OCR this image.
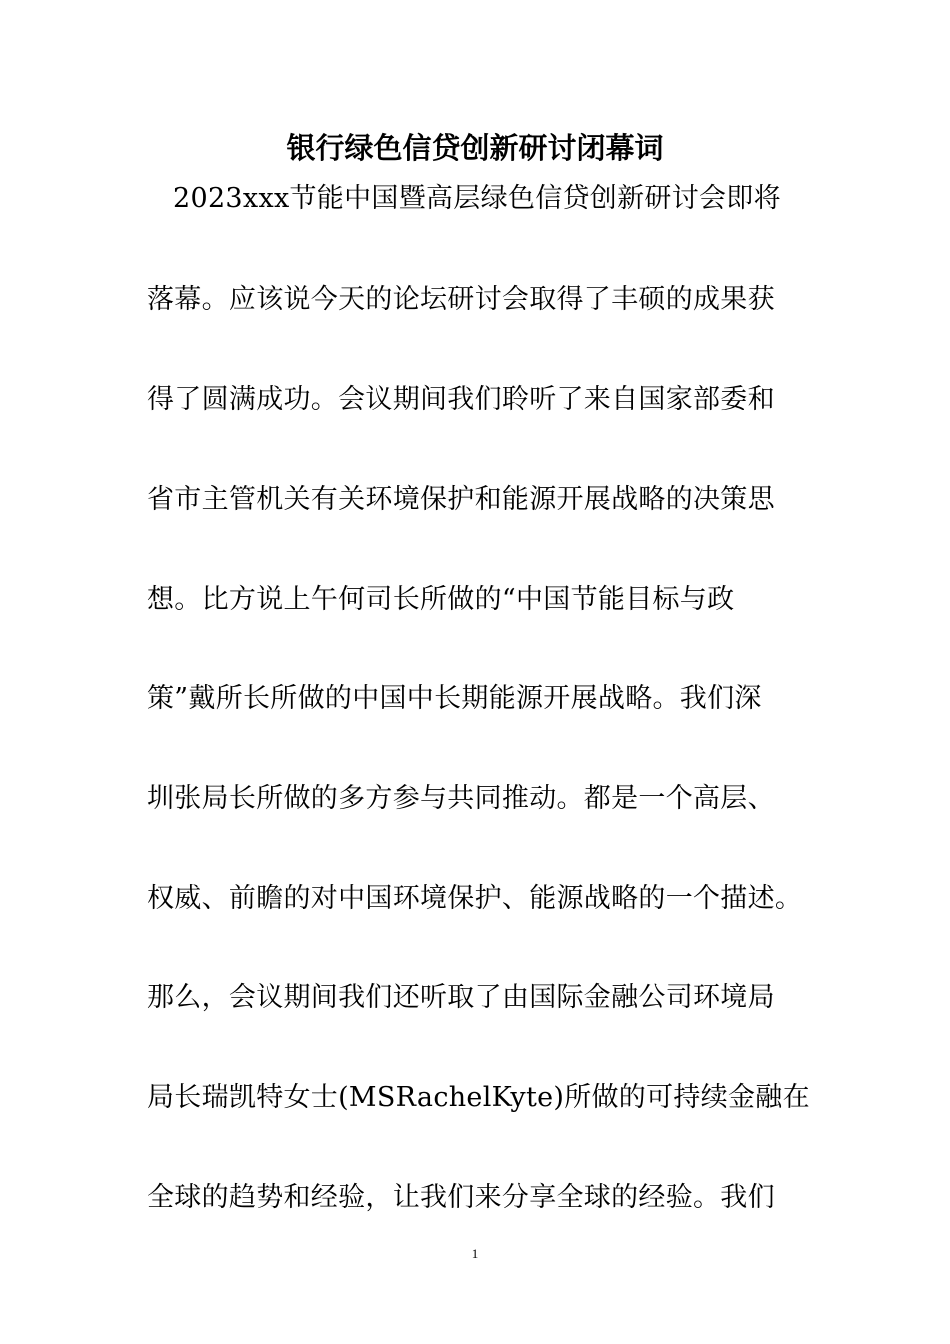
银行绿色信贷创新研讨闭幕词
2023xxx节能中国暨高层绿色信贷创新研讨会即将
落幕。应该说今天的论坛研讨会取得了丰硕的成果获
得了圆满成功。会议期间我们聆听了来自国家部委和
省市主管机关有关环境保护和能源开展战略的决策思
想。比方说上午何司长所做的“中国节能目标与政
策”戴所长所做的中国中长期能源开展战略。我们深
圳张局长所做的多方参与共同推动。都是一个高层、
权威、前瞻的对中国环境保护、能源战略的一个描述。
那么，会议期间我们还听取了由国际金融公司环境局
局长瑞凯特女士(MSRachelKyte)所做的可持续金融在
全球的趋势和经验，让我们来分享全球的经验。我们
1
